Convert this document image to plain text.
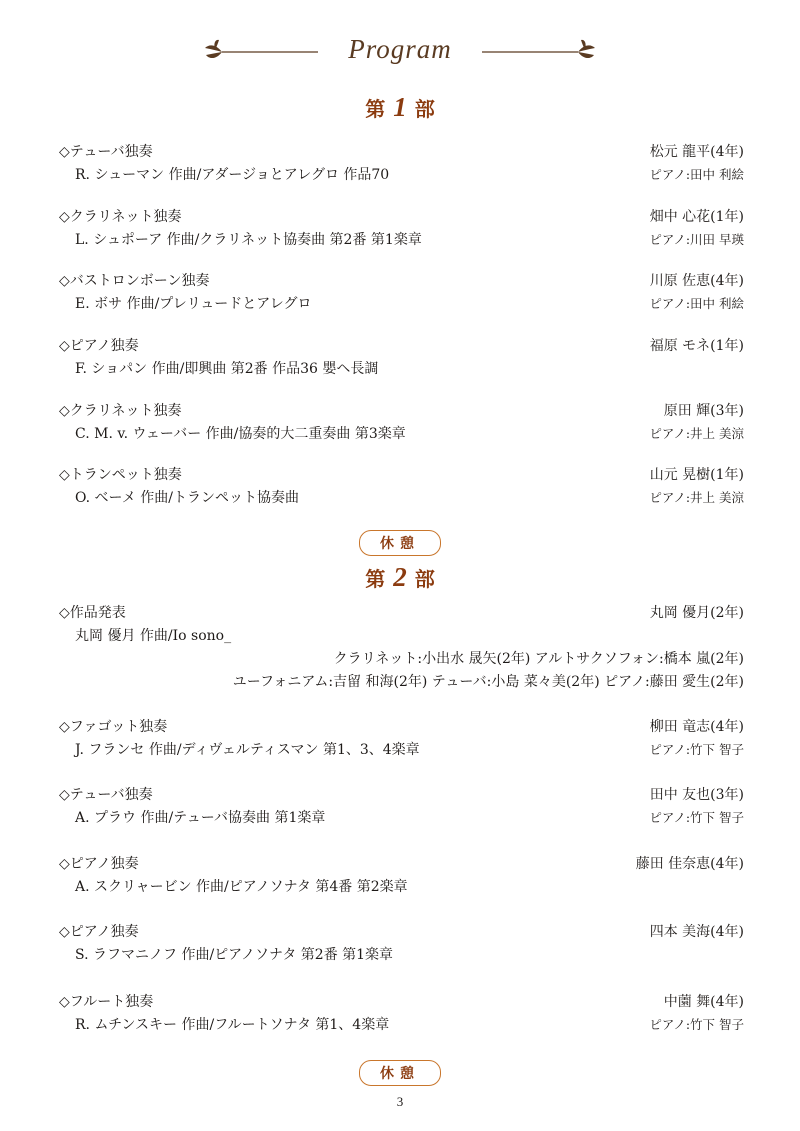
Program
第 1 部
◇テューバ独奏	松元 龍平(4年)
R. シューマン 作曲/アダージョとアレグロ 作品70	ピアノ:田中 利絵
◇クラリネット独奏	畑中 心花(1年)
L. シュポーア 作曲/クラリネット協奏曲 第2番 第1楽章	ピアノ:川田 早瑛
◇バストロンボーン独奏	川原 佐恵(4年)
E. ボサ 作曲/プレリュードとアレグロ	ピアノ:田中 利絵
◇ピアノ独奏	福原 モネ(1年)
F. ショパン 作曲/即興曲 第2番 作品36 嬰ヘ長調
◇クラリネット独奏	原田 輝(3年)
C. M. v. ウェーバー 作曲/協奏的大二重奏曲 第3楽章	ピアノ:井上 美涼
◇トランペット独奏	山元 晃樹(1年)
O. ベーメ 作曲/トランペット協奏曲	ピアノ:井上 美涼
休憩
第 2 部
◇作品発表	丸岡 優月(2年)
丸岡 優月 作曲/Io sono_
クラリネット:小出水 晟矢(2年) アルトサクソフォン:橋本 嵐(2年)
ユーフォニアム:吉留 和海(2年) テューバ:小島 菜々美(2年) ピアノ:藤田 愛生(2年)
◇ファゴット独奏	柳田 竜志(4年)
J. フランセ 作曲/ディヴェルティスマン 第1、3、4楽章	ピアノ:竹下 智子
◇テューバ独奏	田中 友也(3年)
A. プラウ 作曲/テューバ協奏曲 第1楽章	ピアノ:竹下 智子
◇ピアノ独奏	藤田 佳奈恵(4年)
A. スクリャービン 作曲/ピアノソナタ 第4番 第2楽章
◇ピアノ独奏	四本 美海(4年)
S. ラフマニノフ 作曲/ピアノソナタ 第2番 第1楽章
◇フルート独奏	中薗 舞(4年)
R. ムチンスキー 作曲/フルートソナタ 第1、4楽章	ピアノ:竹下 智子
休憩
3
